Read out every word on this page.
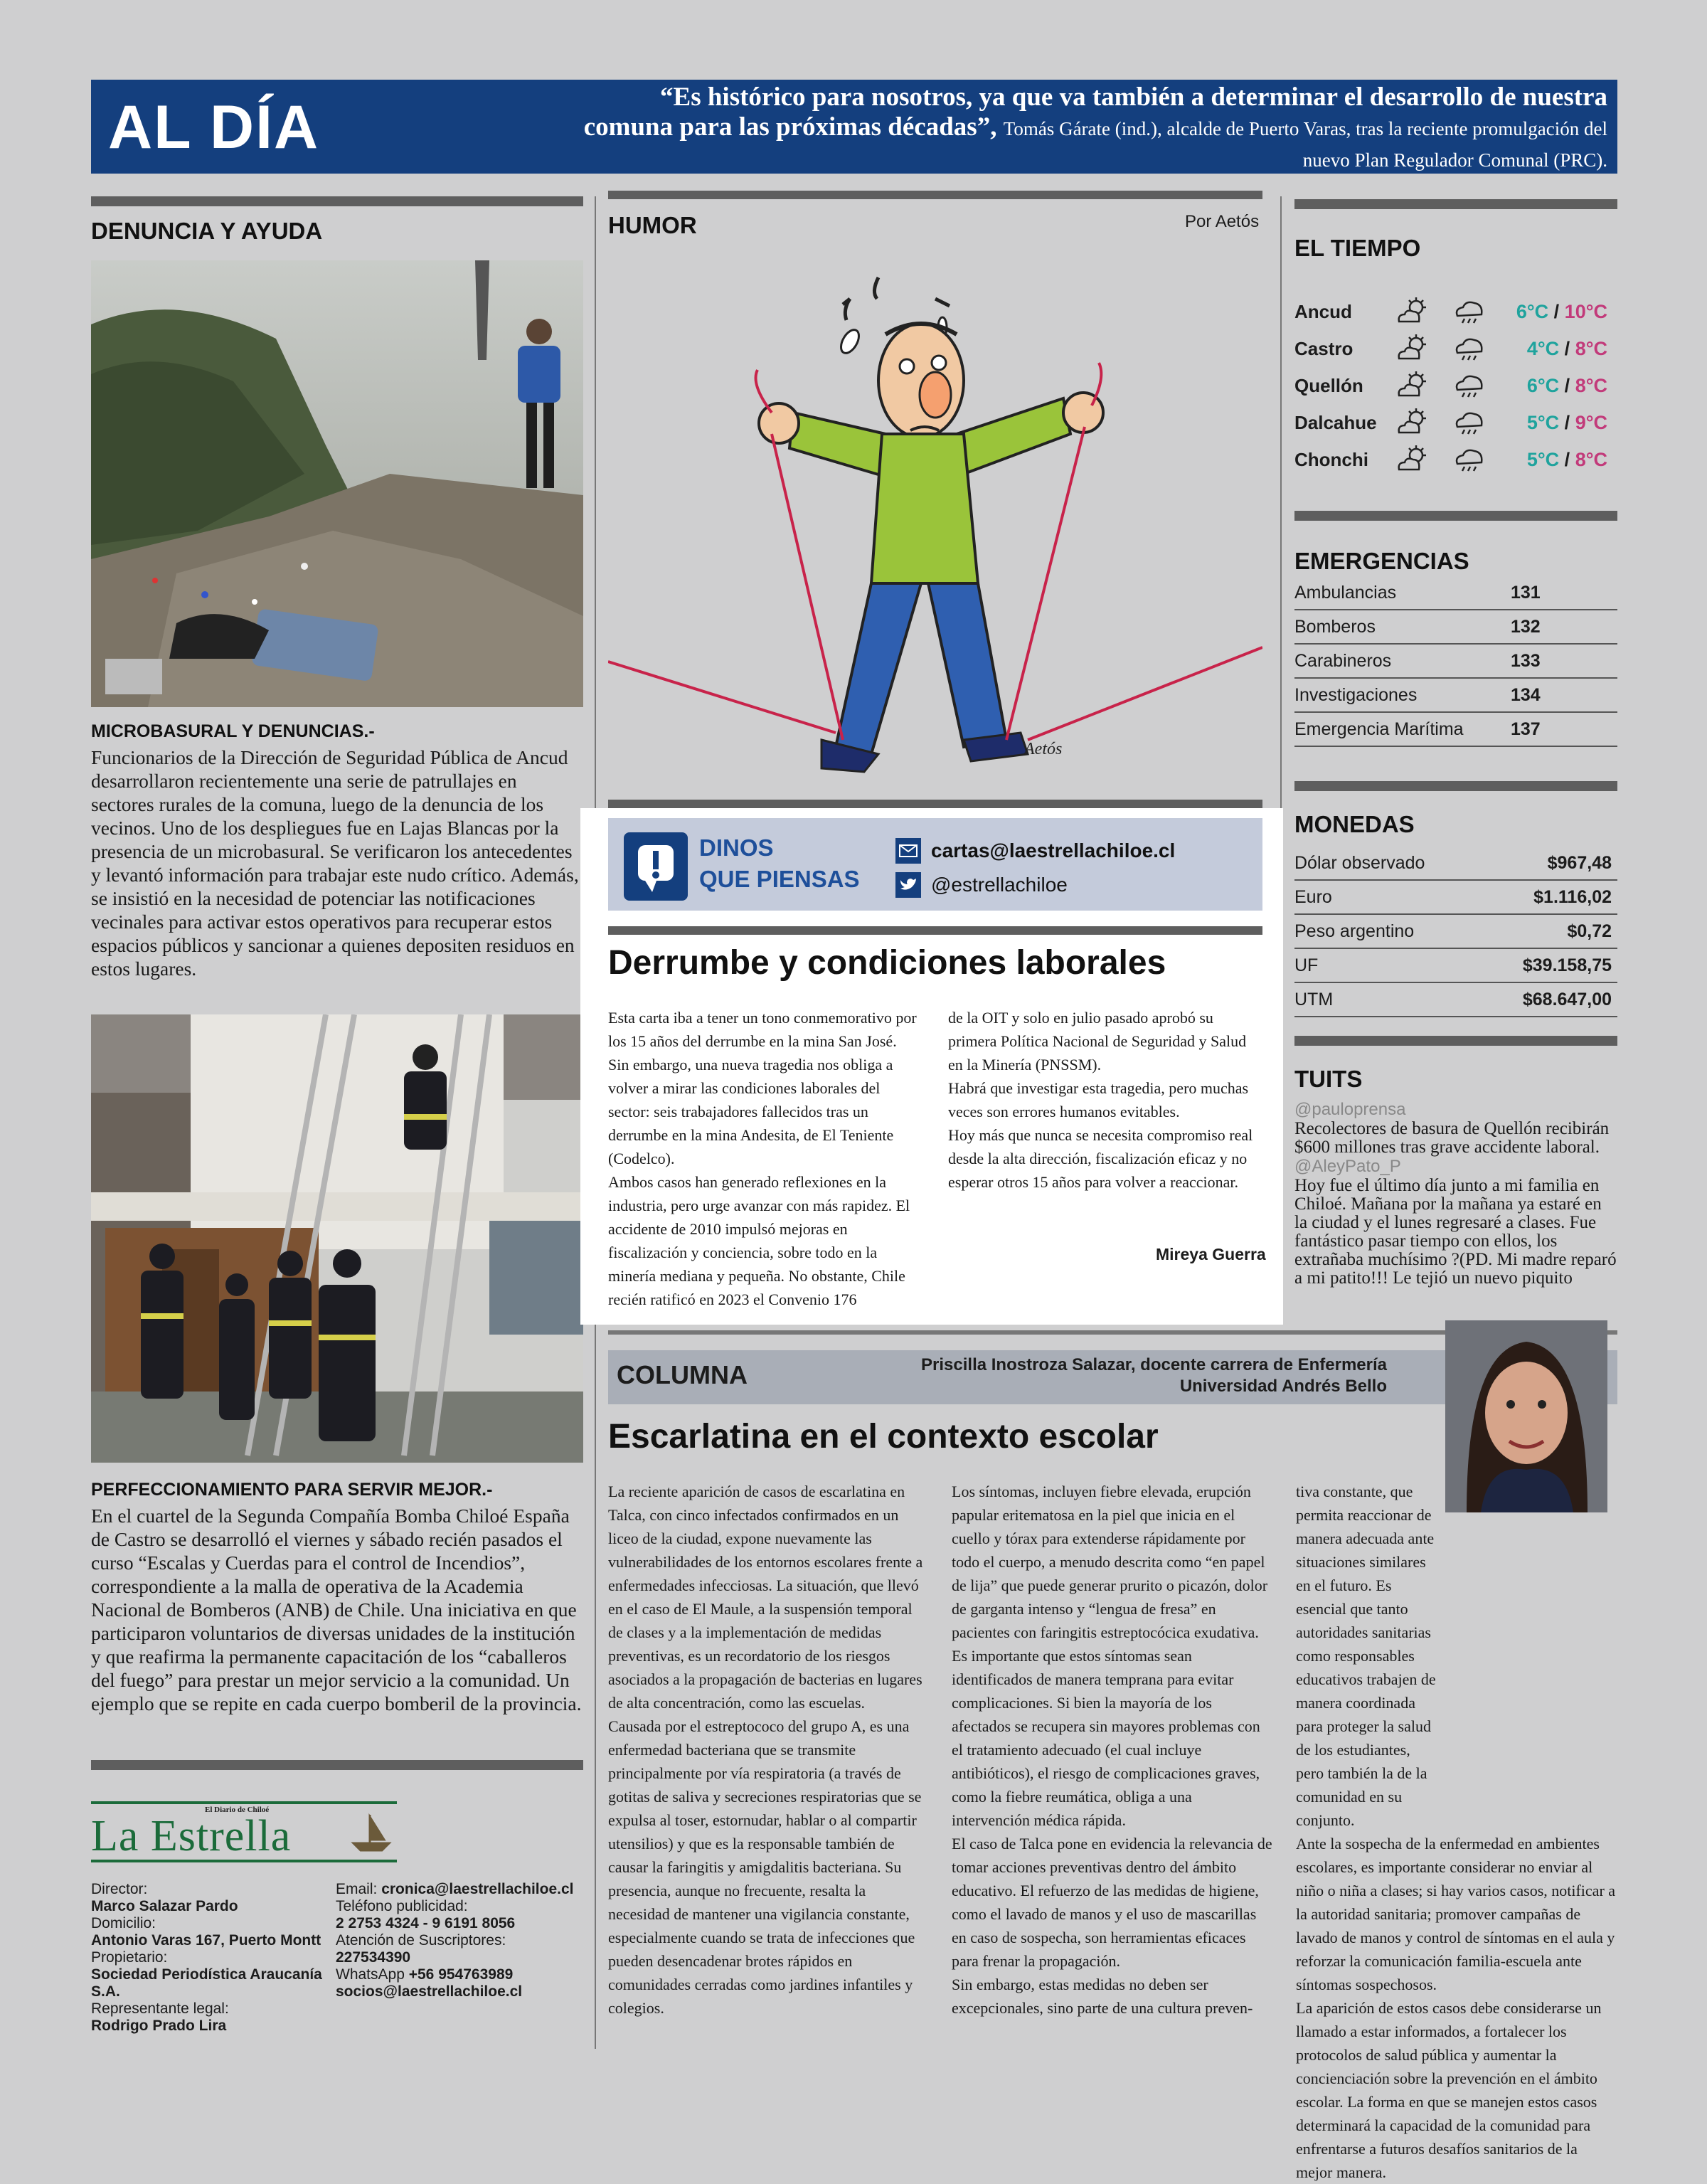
AL DÍA	“Es histórico para nosotros, ya que va también a determinar el desarrollo de nuestra comuna para las próximas décadas”, Tomás Gárate (ind.), alcalde de Puerto Varas, tras la reciente promulgación del nuevo Plan Regulador Comunal (PRC).
DENUNCIA Y AYUDA
MICROBASURAL Y DENUNCIAS.-
Funcionarios de la Dirección de Seguridad Pública de Ancud desarrollaron recientemente una serie de patrullajes en sectores rurales de la comuna, luego de la denuncia de los vecinos. Uno de los despliegues fue en Lajas Blancas por la presencia de un microbasural. Se verificaron los antecedentes y levantó información para trabajar este nudo crítico. Además, se insistió en la necesidad de potenciar las notificaciones vecinales para activar estos operativos para recuperar estos espacios públicos y sancionar a quienes depositen residuos en estos lugares.
PERFECCIONAMIENTO PARA SERVIR MEJOR.-
En el cuartel de la Segunda Compañía Bomba Chiloé España de Castro se desarrolló el viernes y sábado recién pasados el curso “Escalas y Cuerdas para el control de Incendios”, correspondiente a la malla de operativa de la Academia Nacional de Bomberos (ANB) de Chile. Una iniciativa en que participaron voluntarios de diversas unidades de la institución y que reafirma la permanente capacitación de los “caballeros del fuego” para prestar un mejor servicio a la comunidad. Un ejemplo que se repite en cada cuerpo bomberil de la provincia.
El Diario de Chiloé
La Estrella
Director:
Marco Salazar Pardo
Domicilio:
Antonio Varas 167, Puerto Montt
Propietario:
Sociedad Periodística Araucanía S.A.
Representante legal:
Rodrigo Prado Lira
Email: cronica@laestrellachiloe.cl
Teléfono publicidad:
2 2753 4324 - 9 6191 8056
Atención de Suscriptores:
227534390
WhatsApp +56 954763989
socios@laestrellachiloe.cl
HUMOR	Por Aetós
Aetós
DINOS
QUE PIENSAS
cartas@laestrellachiloe.cl
@estrellachiloe
Derrumbe y condiciones laborales

Esta carta iba a tener un tono conmemorativo por los 15 años del derrumbe en la mina San José. Sin embargo, una nueva tragedia nos obliga a volver a mirar las condiciones laborales del sector: seis trabajadores fallecidos tras un derrumbe en la mina Andesita, de El Teniente (Codelco).

Ambos casos han generado reflexiones en la industria, pero urge avanzar con más rapidez. El accidente de 2010 impulsó mejoras en fiscalización y conciencia, sobre todo en la minería mediana y pequeña. No obstante, Chile recién ratificó en 2023 el Convenio 176

de la OIT y solo en julio pasado aprobó su primera Política Nacional de Seguridad y Salud en la Minería (PNSSM).

Habrá que investigar esta tragedia, pero muchas veces son errores humanos evitables.

Hoy más que nunca se necesita compromiso real desde la alta dirección, fiscalización eficaz y no esperar otros 15 años para volver a reaccionar.

Mireya Guerra
EL TIEMPO
Ancud	6°C / 10°C
Castro	4°C / 8°C
Quellón	6°C / 8°C
Dalcahue	5°C / 9°C
Chonchi	5°C / 8°C
EMERGENCIAS
Ambulancias	131
Bomberos	132
Carabineros	133
Investigaciones	134
Emergencia Marítima	137
MONEDAS
Dólar observado	$967,48
Euro	$1.116,02
Peso argentino	$0,72
UF	$39.158,75
UTM	$68.647,00
TUITS
@pauloprensa
Recolectores de basura de Quellón recibirán $600 millones tras grave accidente laboral.
@AleyPato_P
Hoy fue el último día junto a mi familia en Chiloé. Mañana por la mañana ya estaré en la ciudad y el lunes regresaré a clases. Fue fantástico pasar tiempo con ellos, los extrañaba muchísimo ?(PD. Mi madre reparó a mi patito!!! Le tejió un nuevo piquito
COLUMNA	Priscilla Inostroza Salazar, docente carrera de Enfermería
Universidad Andrés Bello
Escarlatina en el contexto escolar

La reciente aparición de casos de escarlatina en Talca, con cinco infectados confirmados en un liceo de la ciudad, expone nuevamente las vulnerabilidades de los entornos escolares frente a enfermedades infecciosas. La situación, que llevó en el caso de El Maule, a la suspensión temporal de clases y a la implementación de medidas preventivas, es un recordatorio de los riesgos asociados a la propagación de bacterias en lugares de alta concentración, como las escuelas.

Causada por el estreptococo del grupo A, es una enfermedad bacteriana que se transmite principalmente por vía respiratoria (a través de gotitas de saliva y secreciones respiratorias que se expulsa al toser, estornudar, hablar o al compartir utensilios) y que es la responsable también de causar la faringitis y amigdalitis bacteriana. Su presencia, aunque no frecuente, resalta la necesidad de mantener una vigilancia constante, especialmente cuando se trata de infecciones que pueden desencadenar brotes rápidos en comunidades cerradas como jardines infantiles y colegios.

Los síntomas, incluyen fiebre elevada, erupción papular eritematosa en la piel que inicia en el cuello y tórax para extenderse rápidamente por todo el cuerpo, a menudo descrita como “en papel de lija” que puede generar prurito o picazón, dolor de garganta intenso y “lengua de fresa” en pacientes con faringitis estreptocócica exudativa. Es importante que estos síntomas sean identificados de manera temprana para evitar complicaciones. Si bien la mayoría de los afectados se recupera sin mayores problemas con el tratamiento adecuado (el cual incluye antibióticos), el riesgo de complicaciones graves, como la fiebre reumática, obliga a una intervención médica rápida.

El caso de Talca pone en evidencia la relevancia de tomar acciones preventivas dentro del ámbito educativo. El refuerzo de las medidas de higiene, como el lavado de manos y el uso de mascarillas en caso de sospecha, son herramientas eficaces para frenar la propagación.

Sin embargo, estas medidas no deben ser excepcionales, sino parte de una cultura preven-

tiva constante, que permita reaccionar de manera adecuada ante situaciones similares en el futuro. Es esencial que tanto autoridades sanitarias como responsables educativos trabajen de manera coordinada para proteger la salud de los estudiantes, pero también la de la comunidad en su conjunto.

Ante la sospecha de la enfermedad en ambientes escolares, es importante considerar no enviar al niño o niña a clases; si hay varios casos, notificar a la autoridad sanitaria; promover campañas de lavado de manos y control de síntomas en el aula y reforzar la comunicación familia-escuela ante síntomas sospechosos.

La aparición de estos casos debe considerarse un llamado a estar informados, a fortalecer los protocolos de salud pública y aumentar la concienciación sobre la prevención en el ámbito escolar. La forma en que se manejen estos casos determinará la capacidad de la comunidad para enfrentarse a futuros desafíos sanitarios de la mejor manera.
